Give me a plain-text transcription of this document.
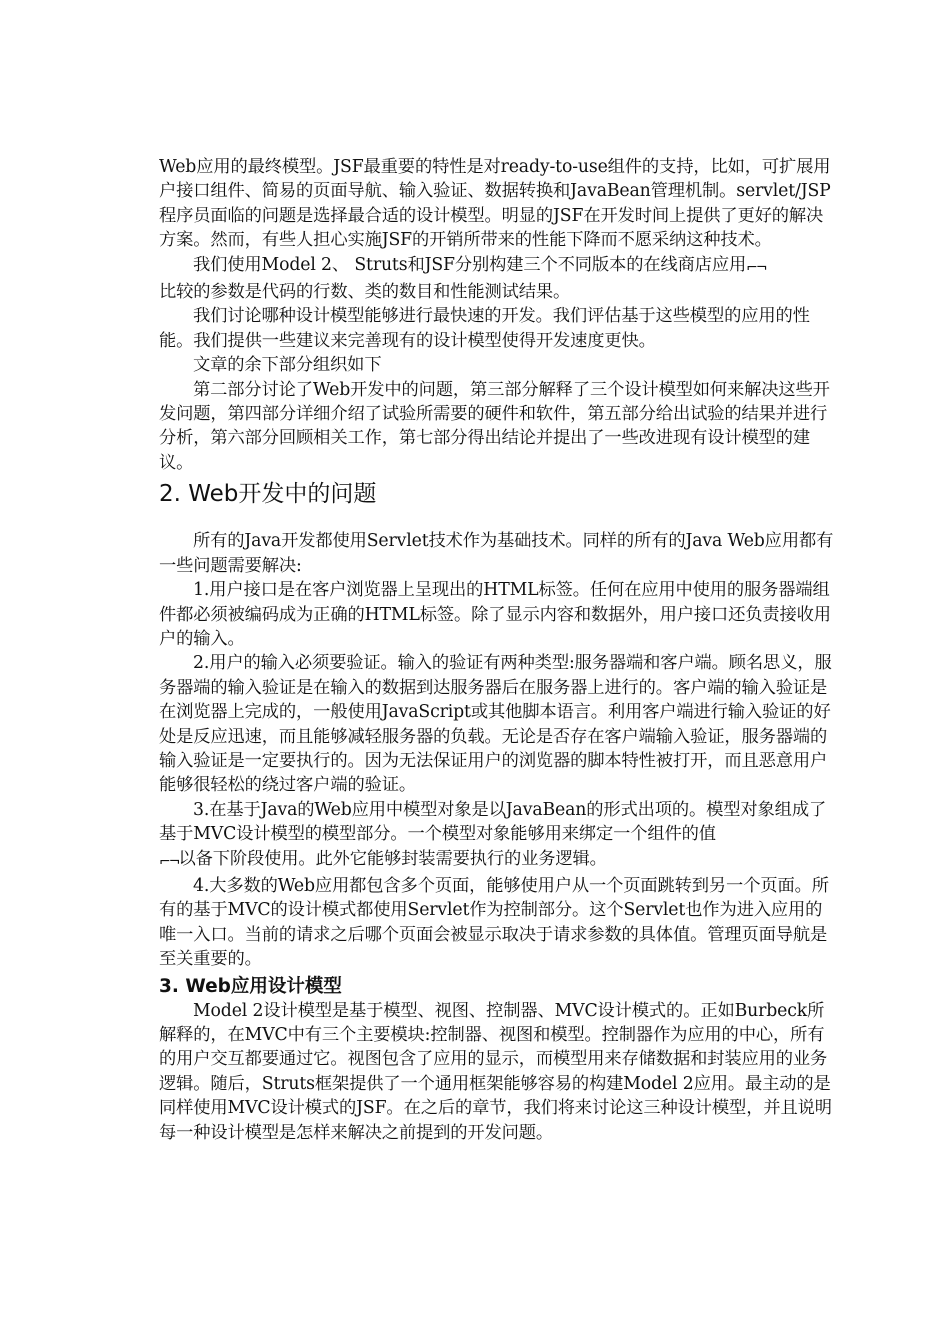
Web应用的最终模型。JSF最重要的特性是对ready-to-use组件的支持，比如，可扩展用户接口组件、简易的页面导航、输入验证、数据转换和JavaBean管理机制。servlet/JSP程序员面临的问题是选择最合适的设计模型。明显的JSF在开发时间上提供了更好的解决方案。然而，有些人担心实施JSF的开销所带来的性能下降而不愿采纳这种技术。

我们使用Model 2、 Struts和JSF分别构建三个不同版本的在线商店应用⌐¬
比较的参数是代码的行数、类的数目和性能测试结果。

我们讨论哪种设计模型能够进行最快速的开发。我们评估基于这些模型的应用的性能。我们提供一些建议来完善现有的设计模型使得开发速度更快。

文章的余下部分组织如下

第二部分讨论了Web开发中的问题，第三部分解释了三个设计模型如何来解决这些开发问题，第四部分详细介绍了试验所需要的硬件和软件，第五部分给出试验的结果并进行分析，第六部分回顾相关工作，第七部分得出结论并提出了一些改进现有设计模型的建议。

2. Web开发中的问题

所有的Java开发都使用Servlet技术作为基础技术。同样的所有的Java Web应用都有一些问题需要解决:

1.用户接口是在客户浏览器上呈现出的HTML标签。任何在应用中使用的服务器端组件都必须被编码成为正确的HTML标签。除了显示内容和数据外，用户接口还负责接收用户的输入。

2.用户的输入必须要验证。输入的验证有两种类型:服务器端和客户端。顾名思义，服务器端的输入验证是在输入的数据到达服务器后在服务器上进行的。客户端的输入验证是在浏览器上完成的，一般使用JavaScript或其他脚本语言。利用客户端进行输入验证的好处是反应迅速，而且能够减轻服务器的负载。无论是否存在客户端输入验证，服务器端的输入验证是一定要执行的。因为无法保证用户的浏览器的脚本特性被打开，而且恶意用户能够很轻松的绕过客户端的验证。

3.在基于Java的Web应用中模型对象是以JavaBean的形式出项的。模型对象组成了基于MVC设计模型的模型部分。一个模型对象能够用来绑定一个组件的值
⌐¬以备下阶段使用。此外它能够封装需要执行的业务逻辑。

4.大多数的Web应用都包含多个页面，能够使用户从一个页面跳转到另一个页面。所有的基于MVC的设计模式都使用Servlet作为控制部分。这个Servlet也作为进入应用的唯一入口。当前的请求之后哪个页面会被显示取决于请求参数的具体值。管理页面导航是至关重要的。

3. Web应用设计模型

Model 2设计模型是基于模型、视图、控制器、MVC设计模式的。正如Burbeck所解释的，在MVC中有三个主要模块:控制器、视图和模型。控制器作为应用的中心，所有的用户交互都要通过它。视图包含了应用的显示，而模型用来存储数据和封装应用的业务逻辑。随后，Struts框架提供了一个通用框架能够容易的构建Model 2应用。最主动的是同样使用MVC设计模式的JSF。在之后的章节，我们将来讨论这三种设计模型，并且说明每一种设计模型是怎样来解决之前提到的开发问题。
